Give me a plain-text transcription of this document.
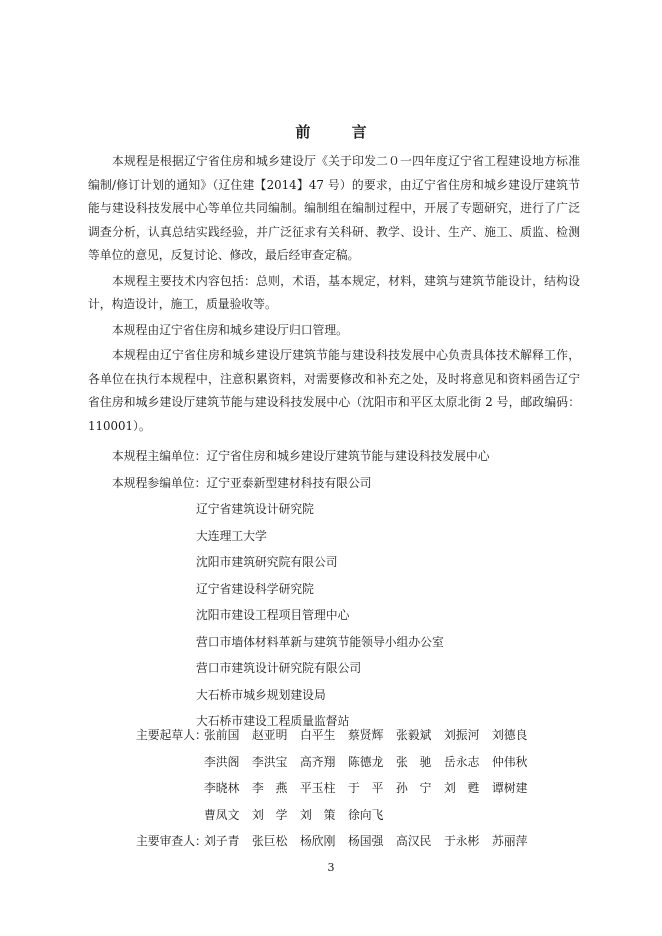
前 言

本规程是根据辽宁省住房和城乡建设厅《关于印发二０一四年度辽宁省工程建设地方标准编制/修订计划的通知》（辽住建【2014】47 号）的要求，由辽宁省住房和城乡建设厅建筑节能与建设科技发展中心等单位共同编制。编制组在编制过程中，开展了专题研究，进行了广泛调查分析，认真总结实践经验，并广泛征求有关科研、教学、设计、生产、施工、质监、检测等单位的意见，反复讨论、修改，最后经审查定稿。

本规程主要技术内容包括：总则，术语，基本规定，材料，建筑与建筑节能设计，结构设计，构造设计，施工，质量验收等。

本规程由辽宁省住房和城乡建设厅归口管理。

本规程由辽宁省住房和城乡建设厅建筑节能与建设科技发展中心负责具体技术解释工作，各单位在执行本规程中，注意积累资料，对需要修改和补充之处，及时将意见和资料函告辽宁省住房和城乡建设厅建筑节能与建设科技发展中心（沈阳市和平区太原北街 2 号，邮政编码：110001）。

本规程主编单位：辽宁省住房和城乡建设厅建筑节能与建设科技发展中心
本规程参编单位：辽宁亚泰新型建材科技有限公司
辽宁省建筑设计研究院
大连理工大学
沈阳市建筑研究院有限公司
辽宁省建设科学研究院
沈阳市建设工程项目管理中心
营口市墙体材料革新与建筑节能领导小组办公室
营口市建筑设计研究院有限公司
大石桥市城乡规划建设局
大石桥市建设工程质量监督站
主要起草人：
张前国	赵亚明	白平生	蔡贤辉	张毅斌	刘振河	刘德良
李洪阁	李洪宝	高齐翔	陈德龙	张　驰	岳永志	仲伟秋
李晓林	李　燕	平玉柱	于　平	孙　宁	刘　甦	谭树建
曹凤文	刘　学	刘　策	徐向飞
主要审查人：
刘子青	张巨松	杨欣刚	杨国强	高汉民	于永彬	苏丽萍
3
